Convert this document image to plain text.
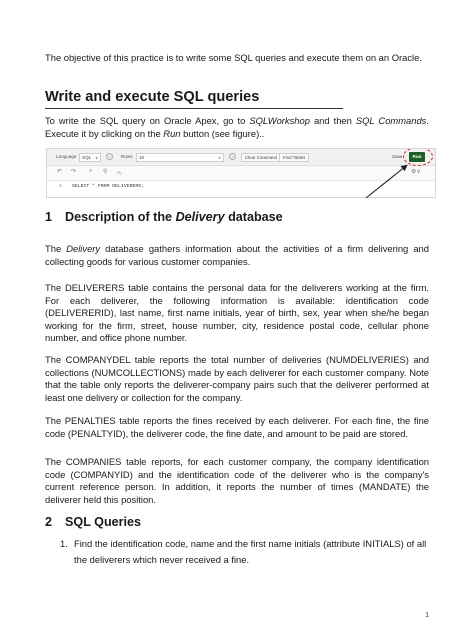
The objective of this practice is to write some SQL queries and execute them on an Oracle.

Write and execute SQL queries

To write the SQL query on Oracle Apex, go to SQLWorkshop and then SQL Commands. Execute it by clicking on the Run button (see figure)..

Language	SQL ∨	?	Rows	10	∨	?	Clear Command	Find Tables	Save	Run
↶ ↷ ⌕ ⚲ A₂	⚙∨
1 SELECT * FROM DELIVERERS;
1 Description of the Delivery database

The Delivery database gathers information about the activities of a firm delivering and collecting goods for various customer companies.

The DELIVERERS table contains the personal data for the deliverers working at the firm. For each deliverer, the following information is available: identification code (DELIVERERID), last name, first name initials, year of birth, sex, year when she/he began working for the firm, street, house number, city, residence postal code, cellular phone number, and office phone number.

The COMPANYDEL table reports the total number of deliveries (NUMDELIVERIES) and collections (NUMCOLLECTIONS) made by each deliverer for each customer company. Note that the table only reports the deliverer-company pairs such that the deliverer performed at least one delivery or collection for the company.

The PENALTIES table reports the fines received by each deliverer. For each fine, the fine code (PENALTYID), the deliverer code, the fine date, and amount to be paid are stored.

The COMPANIES table reports, for each customer company, the company identification code (COMPANYID) and the identification code of the deliverer who is the company's current reference person. In addition, it reports the number of times (MANDATE) the deliverer held this position.

2 SQL Queries
1. Find the identification code, name and the first name initials (attribute INITIALS) of all the deliverers which never received a fine.
1
